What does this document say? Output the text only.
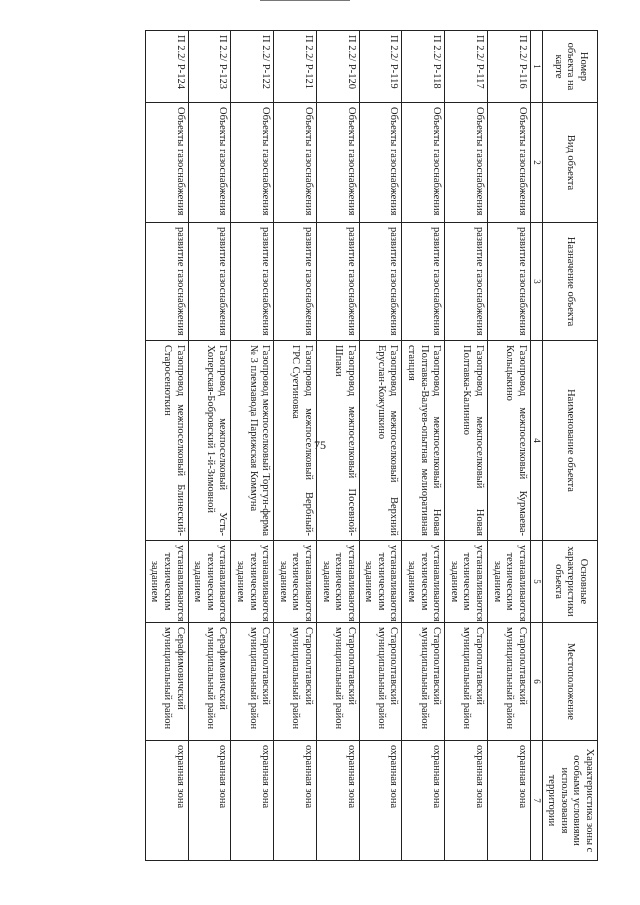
75
Номер объекта на карте	Вид объекта	Назначение объекта	Наименование объекта	Основные характеристики объекта	Местоположение	Характеристика зоны с особыми условиями использования территории
1	2	3	4	5	6	7
П 2.2/ Р-116	Объекты газоснабжения	развитие газоснабжения	Газопровод межпоселковый Курмаева-Кольцыкино	устанавливаются техническим заданием	Старополтавский муниципальный район	охранная зона
П 2.2/ Р-117	Объекты газоснабжения	развитие газоснабжения	Газопровод межпоселковый Новая Полтавка-Калинино	устанавливаются техническим заданием	Старополтавский муниципальный район	охранная зона
П 2.2/ Р-118	Объекты газоснабжения	развитие газоснабжения	Газопровод межпоселковый Новая Полтавка-Валуев-опытная мелиоративная станция	устанавливаются техническим заданием	Старополтавский муниципальный район	охранная зона
П 2.2/ Р-119	Объекты газоснабжения	развитие газоснабжения	Газопровод межпоселковый Верхний Еруслан-Кожушкино	устанавливаются техническим заданием	Старополтавский муниципальный район	охранная зона
П 2.2/ Р-120	Объекты газоснабжения	развитие газоснабжения	Газопровод межпоселковый Посевной-Шпаки	устанавливаются техническим заданием	Старополтавский муниципальный район	охранная зона
П 2.2/ Р-121	Объекты газоснабжения	развитие газоснабжения	Газопровод межпоселковый Вербный-ГРС Суетиновка	устанавливаются техническим заданием	Старополтавский муниципальный район	охранная зона
П 2.2/ Р-122	Объекты газоснабжения	развитие газоснабжения	Газопровод межпоселковый Торгун-ферма № 3 племзавода Парижская Коммуна	устанавливаются техническим заданием	Старополтавский муниципальный район	охранная зона
П 2.2/ Р-123	Объекты газоснабжения	развитие газоснабжения	Газопровод межпоселковый Усть-Хоперская-Бобровский 1-й-Зимовной	устанавливаются техническим заданием	Серафимовичский муниципальный район	охранная зона
П 2.2/ Р-124	Объекты газоснабжения	развитие газоснабжения	Газопровод межпоселковый Блинеский-Старосенюткин	устанавливаются техническим заданием	Серафимовичский муниципальный район	охранная зона
